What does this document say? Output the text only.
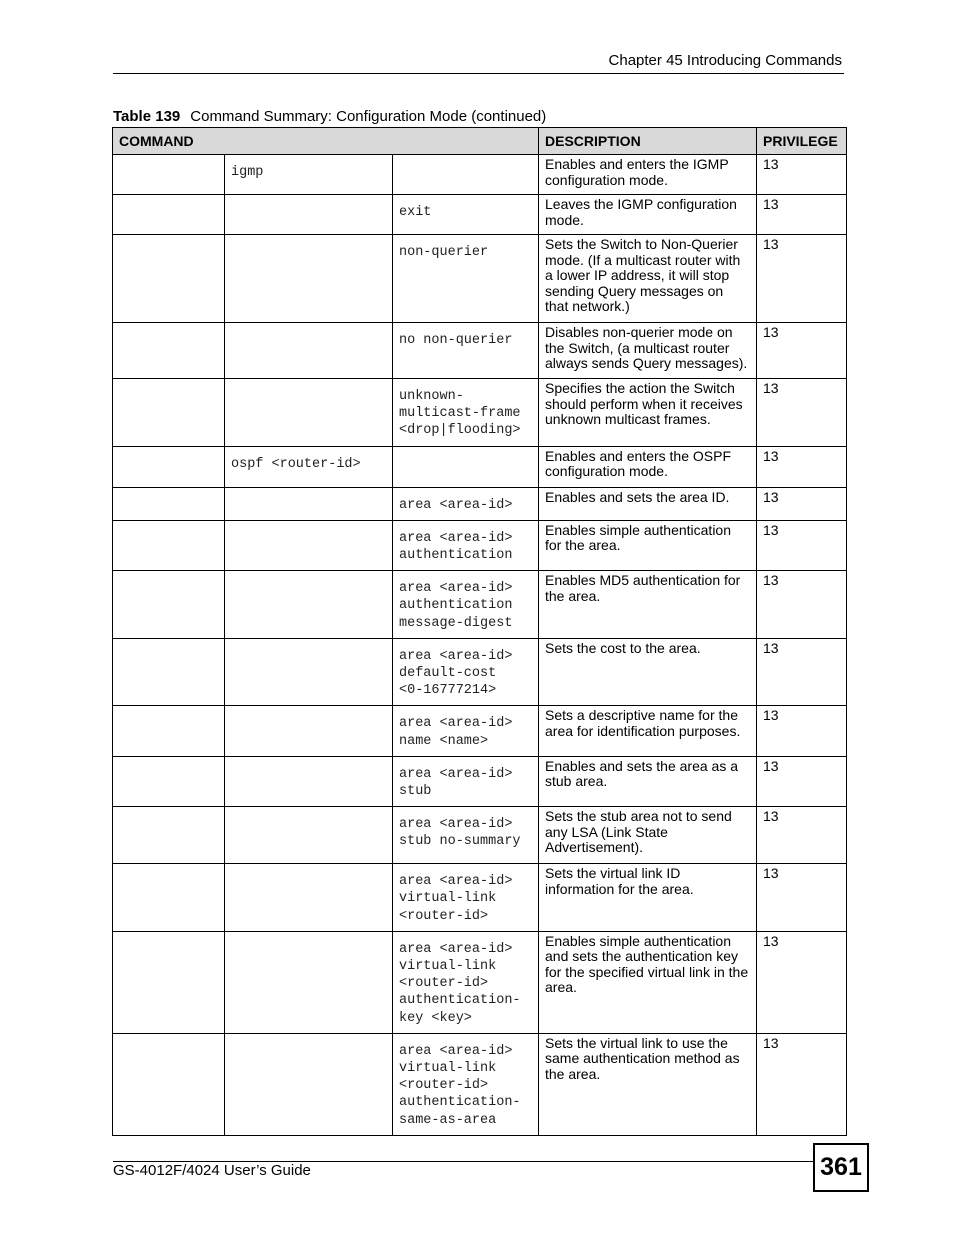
Chapter 45 Introducing Commands
Table 139 Command Summary: Configuration Mode (continued)
COMMAND			DESCRIPTION	PRIVILEGE

	igmp		Enables and enters the IGMP configuration mode.	13

		exit	Leaves the IGMP configuration mode.	13

		non-querier	Sets the Switch to Non-Querier mode. (If a multicast router with a lower IP address, it will stop sending Query messages on that network.)	13

		no non-querier	Disables non-querier mode on the Switch, (a multicast router always sends Query messages).	13

		unknown-
multicast-frame
<drop|flooding>	Specifies the action the Switch should perform when it receives unknown multicast frames.	13

	ospf <router-id>		Enables and enters the OSPF configuration mode.	13

		area <area-id>	Enables and sets the area ID.	13

		area <area-id>
authentication	Enables simple authentication for the area.	13

		area <area-id>
authentication
message-digest	Enables MD5 authentication for the area.	13

		area <area-id>
default-cost
<0-16777214>	Sets the cost to the area.	13

		area <area-id>
name <name>	Sets a descriptive name for the area for identification purposes.	13

		area <area-id>
stub	Enables and sets the area as a stub area.	13

		area <area-id>
stub no-summary	Sets the stub area not to send any LSA (Link State Advertisement).	13

		area <area-id>
virtual-link
<router-id>	Sets the virtual link ID information for the area.	13

		area <area-id>
virtual-link
<router-id>
authentication-
key <key>	Enables simple authentication and sets the authentication key for the specified virtual link in the area.	13

		area <area-id>
virtual-link
<router-id>
authentication-
same-as-area	Sets the virtual link to use the same authentication method as the area.	13
GS-4012F/4024 User’s Guide	361
